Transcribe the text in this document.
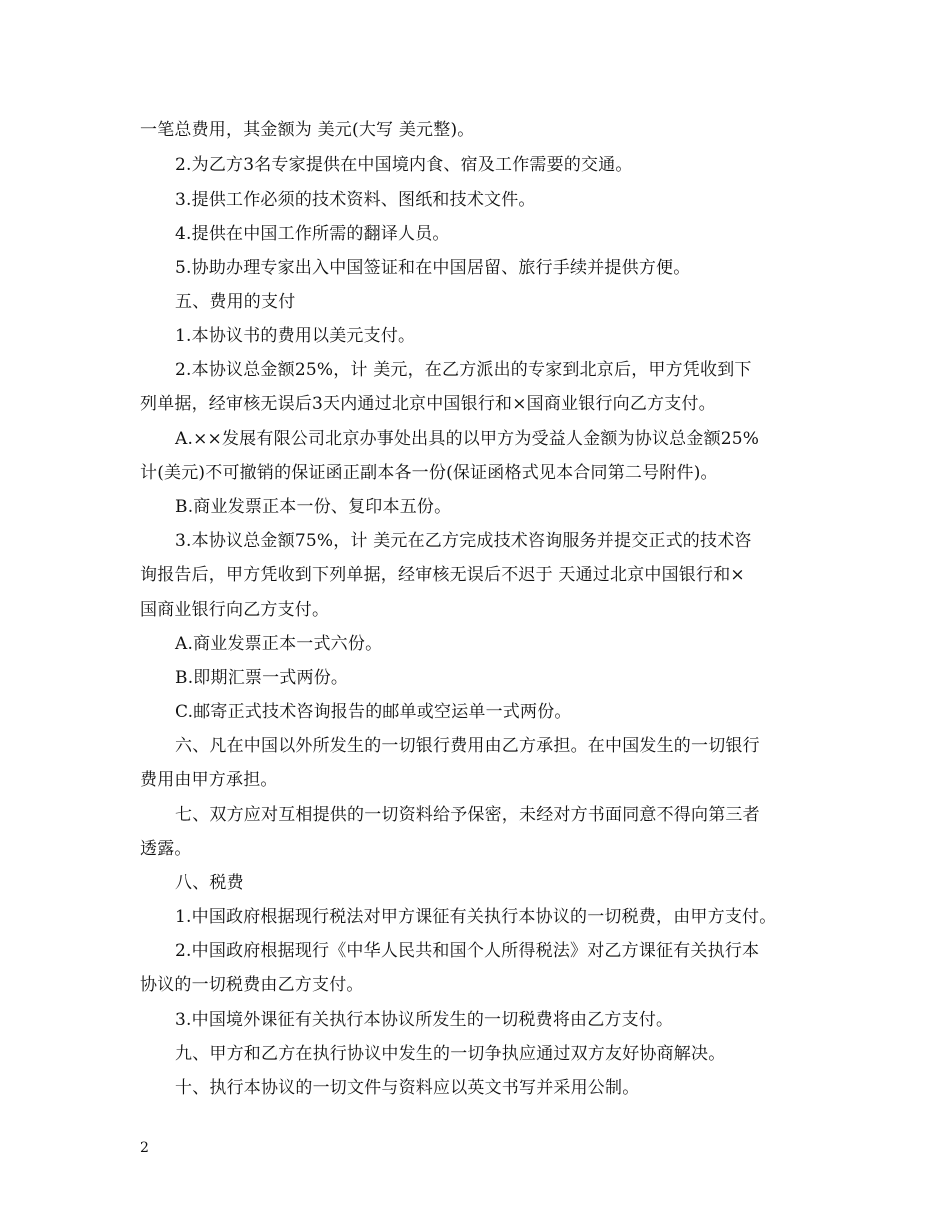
一笔总费用，其金额为 美元(大写 美元整)。
2.为乙方3名专家提供在中国境内食、宿及工作需要的交通。
3.提供工作必须的技术资料、图纸和技术文件。
4.提供在中国工作所需的翻译人员。
5.协助办理专家出入中国签证和在中国居留、旅行手续并提供方便。
五、费用的支付
1.本协议书的费用以美元支付。
2.本协议总金额25%，计 美元，在乙方派出的专家到北京后，甲方凭收到下
列单据，经审核无误后3天内通过北京中国银行和×国商业银行向乙方支付。
A.××发展有限公司北京办事处出具的以甲方为受益人金额为协议总金额25%
计(美元)不可撤销的保证函正副本各一份(保证函格式见本合同第二号附件)。
B.商业发票正本一份、复印本五份。
3.本协议总金额75%，计 美元在乙方完成技术咨询服务并提交正式的技术咨
询报告后，甲方凭收到下列单据，经审核无误后不迟于 天通过北京中国银行和×
国商业银行向乙方支付。
A.商业发票正本一式六份。
B.即期汇票一式两份。
C.邮寄正式技术咨询报告的邮单或空运单一式两份。
六、凡在中国以外所发生的一切银行费用由乙方承担。在中国发生的一切银行
费用由甲方承担。
七、双方应对互相提供的一切资料给予保密，未经对方书面同意不得向第三者
透露。
八、税费
1.中国政府根据现行税法对甲方课征有关执行本协议的一切税费，由甲方支付。
2.中国政府根据现行《中华人民共和国个人所得税法》对乙方课征有关执行本
协议的一切税费由乙方支付。
3.中国境外课征有关执行本协议所发生的一切税费将由乙方支付。
九、甲方和乙方在执行协议中发生的一切争执应通过双方友好协商解决。
十、执行本协议的一切文件与资料应以英文书写并采用公制。
2
